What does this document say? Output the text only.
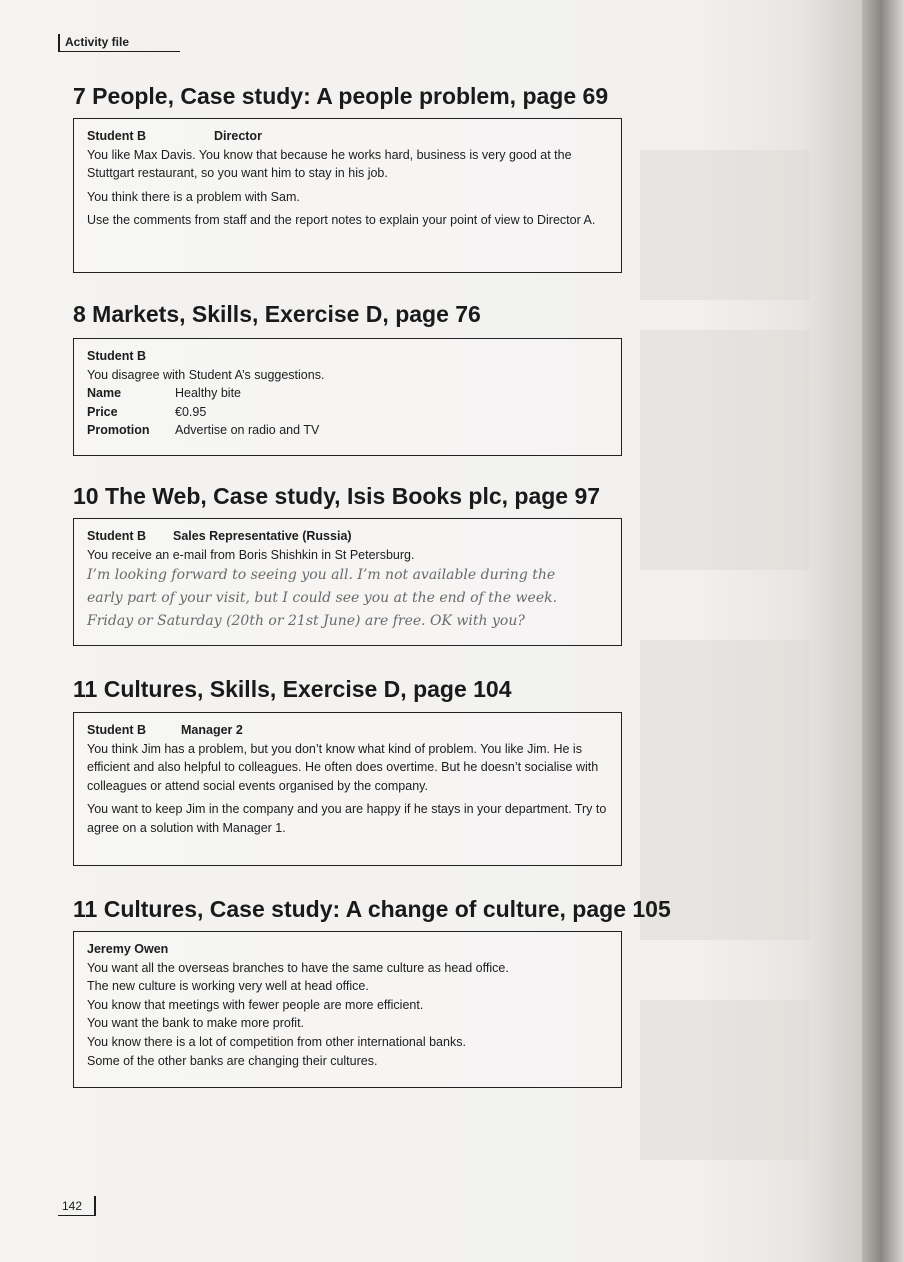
Activity file
7 People, Case study: A people problem, page 69

Student B	Director

You like Max Davis. You know that because he works hard, business is very good at the Stuttgart restaurant, so you want him to stay in his job.

You think there is a problem with Sam.

Use the comments from staff and the report notes to explain your point of view to Director A.

8 Markets, Skills, Exercise D, page 76

Student B

You disagree with Student A’s suggestions.

Name	Healthy bite
Price	€0.95
Promotion	Advertise on radio and TV
10 The Web, Case study, Isis Books plc, page 97

Student B Sales Representative (Russia)

You receive an e-mail from Boris Shishkin in St Petersburg.

I’m looking forward to seeing you all. I’m not available during the

early part of your visit, but I could see you at the end of the week.

Friday or Saturday (20th or 21st June) are free. OK with you?

11 Cultures, Skills, Exercise D, page 104

Student B	Manager 2

You think Jim has a problem, but you don’t know what kind of problem. You like Jim. He is efficient and also helpful to colleagues. He often does overtime. But he doesn’t socialise with colleagues or attend social events organised by the company.

You want to keep Jim in the company and you are happy if he stays in your department. Try to agree on a solution with Manager 1.

11 Cultures, Case study: A change of culture, page 105

Jeremy Owen

You want all the overseas branches to have the same culture as head office.

The new culture is working very well at head office.

You know that meetings with fewer people are more efficient.

You want the bank to make more profit.

You know there is a lot of competition from other international banks.

Some of the other banks are changing their cultures.

142
